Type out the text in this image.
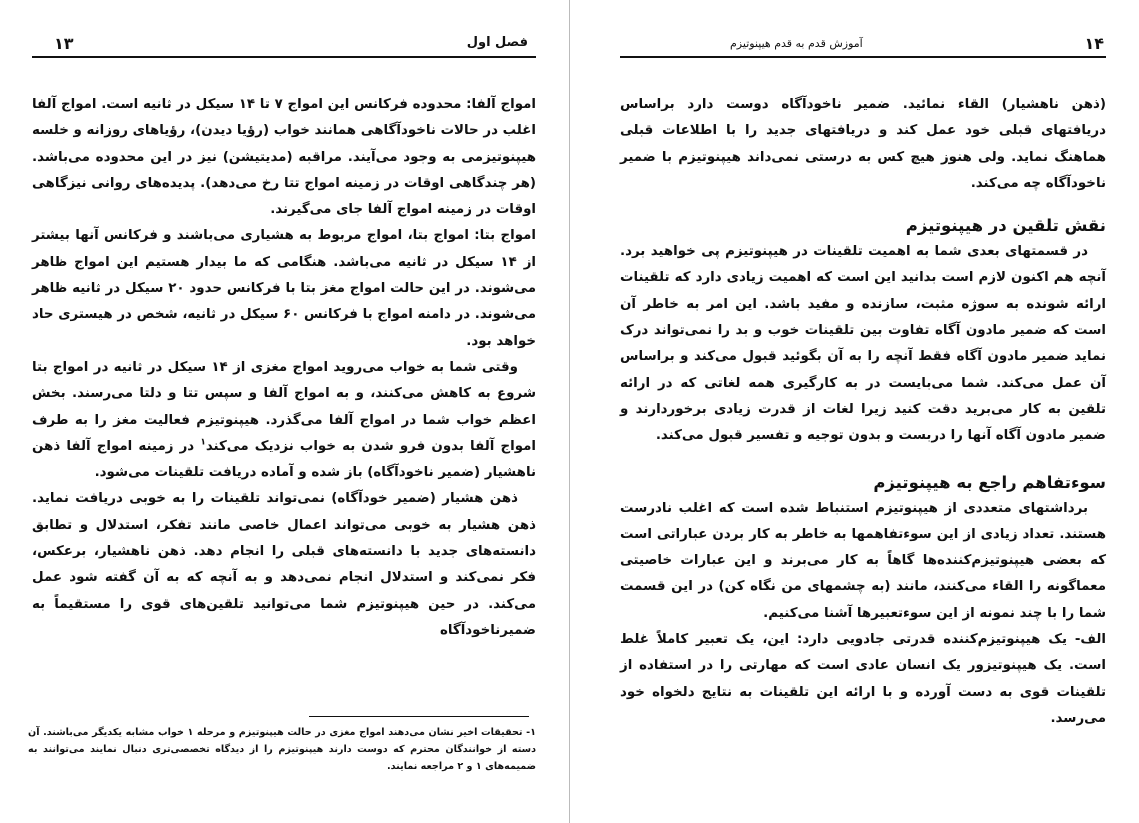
۱۳	فصل اول

امواج آلفا: محدوده فرکانس این امواج ۷ تا ۱۴ سیکل در ثانیه است. امواج آلفا اغلب در حالات ناخودآگاهی همانند خواب (رؤیا دیدن)، رؤیاهای روزانه و خلسه هیپنوتیزمی به وجود می‌آیند. مراقبه (مدیتیشن) نیز در این محدوده می‌باشد. (هر چندگاهی اوقات در زمینه امواج تتا رخ می‌دهد). پدیده‌های روانی نیزگاهی اوقات در زمینه امواج آلفا جای می‌گیرند.

امواج بتا: امواج بتا، امواج مربوط به هشیاری می‌باشند و فرکانس آنها بیشتر از ۱۴ سیکل در ثانیه می‌باشد. هنگامی که ما بیدار هستیم این امواج ظاهر می‌شوند. در این حالت امواج مغز بتا با فرکانس حدود ۲۰ سیکل در ثانیه ظاهر می‌شوند. در دامنه امواج با فرکانس ۶۰ سیکل در ثانیه، شخص در هیستری حاد خواهد بود.

وقتی شما به خواب می‌روید امواج مغزی از ۱۴ سیکل در ثانیه در امواج بتا شروع به کاهش می‌کنند، و به امواج آلفا و سپس تتا و دلتا می‌رسند. بخش اعظم خواب شما در امواج آلفا می‌گذرد. هیپنوتیزم فعالیت مغز را به طرف امواج آلفا بدون فرو شدن به خواب نزدیک می‌کند$^۱$ در زمینه امواج آلفا ذهن ناهشیار (ضمیر ناخودآگاه) باز شده و آماده دریافت تلقینات می‌شود.

ذهن هشیار (ضمیر خودآگاه) نمی‌تواند تلقینات را به خوبی دریافت نماید. ذهن هشیار به خوبی می‌تواند اعمال خاصی مانند تفکر، استدلال و تطابق دانسته‌های جدید با دانسته‌های قبلی را انجام دهد. ذهن ناهشیار، برعکس، فکر نمی‌کند و استدلال انجام نمی‌دهد و به آنچه که به آن گفته شود عمل می‌کند. در حین هیپنوتیزم شما می‌توانید تلقین‌های قوی را مستقیماً به ضمیرناخودآگاه

۱- تحقیقات اخیر نشان می‌دهند امواج مغزی در حالت هیپنوتیزم و مرحله ۱ خواب مشابه یکدیگر می‌باشند. آن دسته از خوانندگان محترم که دوست دارند هیپنوتیزم را از دیدگاه تخصصی‌تری دنبال نمایند می‌توانند به ضمیمه‌های ۱ و ۲ مراجعه نمایند.
۱۴
آموزش قدم به قدم هیپنوتیزم

(ذهن ناهشیار) القاء نمائید. ضمیر ناخودآگاه دوست دارد براساس دریافتهای قبلی خود عمل کند و دریافتهای جدید را با اطلاعات قبلی هماهنگ نماید. ولی هنوز هیچ کس به درستی نمی‌داند هیپنوتیزم با ضمیر ناخودآگاه چه می‌کند.

نقش تلقین در هیپنوتیزم

در قسمتهای بعدی شما به اهمیت تلقینات در هیپنوتیزم پی خواهید برد. آنچه هم اکنون لازم است بدانید این است که اهمیت زیادی دارد که تلقینات ارائه شونده به سوژه مثبت، سازنده و مفید باشد. این امر به خاطر آن است که ضمیر مادون آگاه تفاوت بین تلقینات خوب و بد را نمی‌تواند درک نماید ضمیر مادون آگاه فقط آنچه را به آن بگوئید قبول می‌کند و براساس آن عمل می‌کند. شما می‌بایست در به کارگیری همه لغاتی که در ارائه تلقین به کار می‌برید دقت کنید زیرا لغات از قدرت زیادی برخوردارند و ضمیر مادون آگاه آنها را دربست و بدون توجیه و تفسیر قبول می‌کند.

سوءتفاهم راجع به هیپنوتیزم

برداشتهای متعددی از هیپنوتیزم استنباط شده است که اغلب نادرست هستند. تعداد زیادی از این سوءتفاهمها به خاطر به کار بردن عباراتی است که بعضی هیپنوتیزم‌کننده‌ها گاهاً به کار می‌برند و این عبارات خاصیتی معماگونه را القاء می‌کنند، مانند (به چشمهای من نگاه کن) در این قسمت شما را با چند نمونه از این سوءتعبیرها آشنا می‌کنیم.

الف- یک هیپنوتیزم‌کننده قدرتی جادویی دارد: این، یک تعبیر کاملاً غلط است. یک هیپنوتیزور یک انسان عادی است که مهارتی را در استفاده از تلقینات قوی به دست آورده و با ارائه این تلقینات به نتایج دلخواه خود می‌رسد.
